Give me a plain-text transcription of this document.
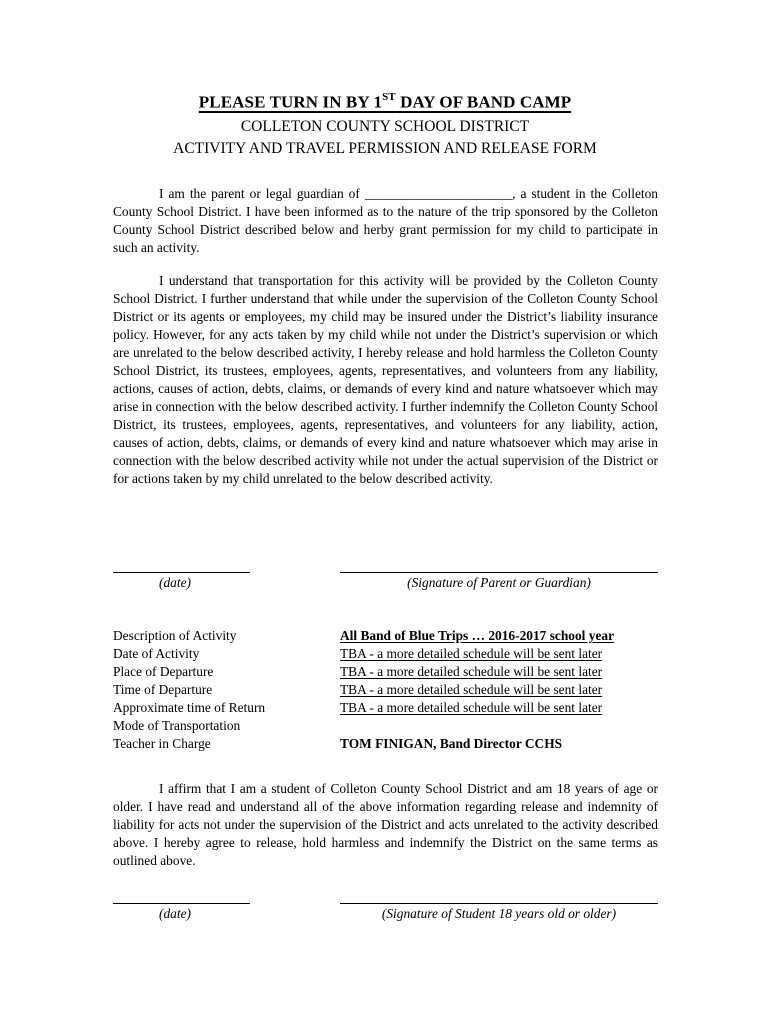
PLEASE TURN IN BY 1ST DAY OF BAND CAMP
COLLETON COUNTY SCHOOL DISTRICT
ACTIVITY AND TRAVEL PERMISSION AND RELEASE FORM

I am the parent or legal guardian of ______________________, a student in the Colleton County School District. I have been informed as to the nature of the trip sponsored by the Colleton County School District described below and herby grant permission for my child to participate in such an activity.

I understand that transportation for this activity will be provided by the Colleton County School District. I further understand that while under the supervision of the Colleton County School District or its agents or employees, my child may be insured under the District’s liability insurance policy. However, for any acts taken by my child while not under the District’s supervision or which are unrelated to the below described activity, I hereby release and hold harmless the Colleton County School District, its trustees, employees, agents, representatives, and volunteers from any liability, actions, causes of action, debts, claims, or demands of every kind and nature whatsoever which may arise in connection with the below described activity. I further indemnify the Colleton County School District, its trustees, employees, agents, representatives, and volunteers for any liability, action, causes of action, debts, claims, or demands of every kind and nature whatsoever which may arise in connection with the below described activity while not under the actual supervision of the District or for actions taken by my child unrelated to the below described activity.

(date)	(Signature of Parent or Guardian)
Description of Activity	All Band of Blue Trips … 2016-2017 school year
Date of Activity	TBA - a more detailed schedule will be sent later
Place of Departure	TBA - a more detailed schedule will be sent later
Time of Departure	TBA - a more detailed schedule will be sent later
Approximate time of Return	TBA - a more detailed schedule will be sent later
Mode of Transportation
Teacher in Charge	TOM FINIGAN, Band Director CCHS

I affirm that I am a student of Colleton County School District and am 18 years of age or older. I have read and understand all of the above information regarding release and indemnity of liability for acts not under the supervision of the District and acts unrelated to the activity described above. I hereby agree to release, hold harmless and indemnify the District on the same terms as outlined above.

(date)	(Signature of Student 18 years old or older)
